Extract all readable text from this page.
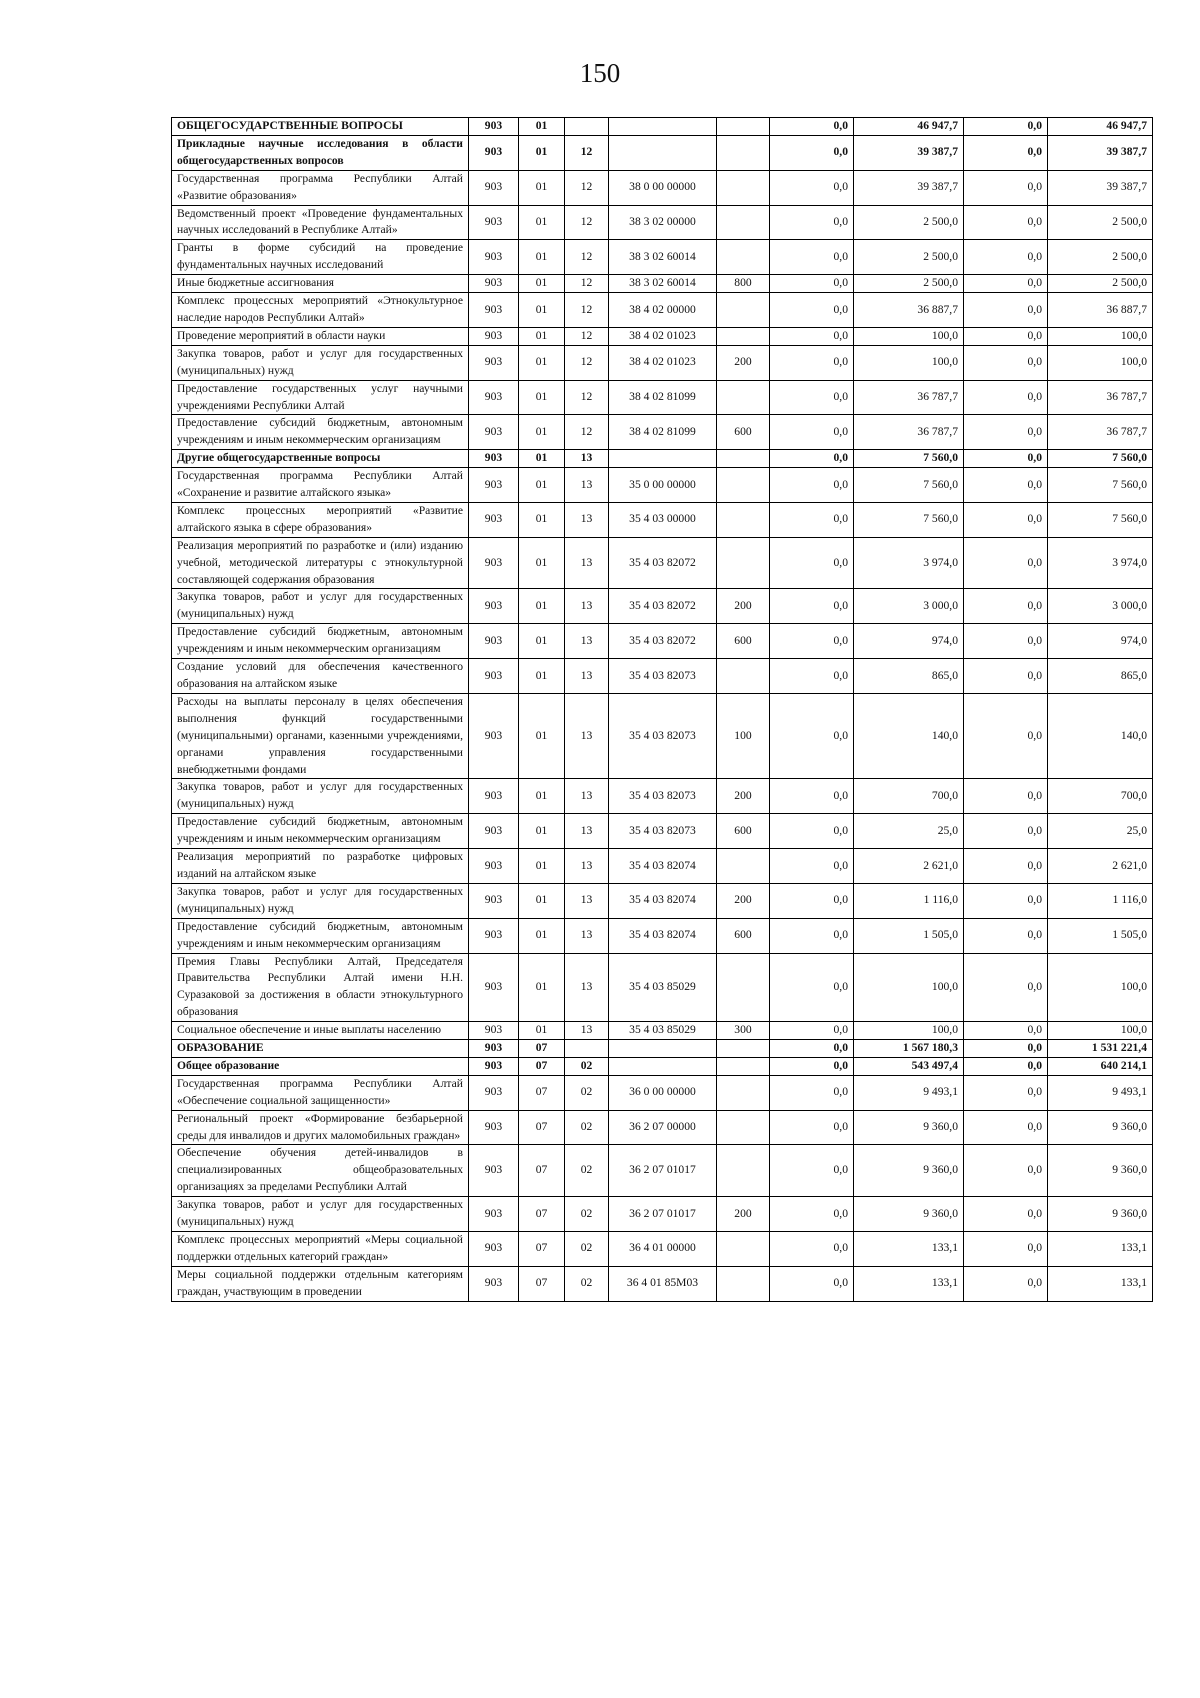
150
ОБЩЕГОСУДАРСТВЕННЫЕ ВОПРОСЫ	903	01				0,0	46 947,7	0,0	46 947,7
Прикладные научные исследования в области общегосударственных вопросов	903	01	12			0,0	39 387,7	0,0	39 387,7
Государственная программа Республики Алтай «Развитие образования»	903	01	12	38 0 00 00000		0,0	39 387,7	0,0	39 387,7
Ведомственный проект «Проведение фундаментальных научных исследований в Республике Алтай»	903	01	12	38 3 02 00000		0,0	2 500,0	0,0	2 500,0
Гранты в форме субсидий на проведение фундаментальных научных исследований	903	01	12	38 3 02 60014		0,0	2 500,0	0,0	2 500,0
Иные бюджетные ассигнования	903	01	12	38 3 02 60014	800	0,0	2 500,0	0,0	2 500,0
Комплекс процессных мероприятий «Этнокультурное наследие народов Республики Алтай»	903	01	12	38 4 02 00000		0,0	36 887,7	0,0	36 887,7
Проведение мероприятий в области науки	903	01	12	38 4 02 01023		0,0	100,0	0,0	100,0
Закупка товаров, работ и услуг для государственных (муниципальных) нужд	903	01	12	38 4 02 01023	200	0,0	100,0	0,0	100,0
Предоставление государственных услуг научными учреждениями Республики Алтай	903	01	12	38 4 02 81099		0,0	36 787,7	0,0	36 787,7
Предоставление субсидий бюджетным, автономным учреждениям и иным некоммерческим организациям	903	01	12	38 4 02 81099	600	0,0	36 787,7	0,0	36 787,7
Другие общегосударственные вопросы	903	01	13			0,0	7 560,0	0,0	7 560,0
Государственная программа Республики Алтай «Сохранение и развитие алтайского языка»	903	01	13	35 0 00 00000		0,0	7 560,0	0,0	7 560,0
Комплекс процессных мероприятий «Развитие алтайского языка в сфере образования»	903	01	13	35 4 03 00000		0,0	7 560,0	0,0	7 560,0
Реализация мероприятий по разработке и (или) изданию учебной, методической литературы с этнокультурной составляющей содержания образования	903	01	13	35 4 03 82072		0,0	3 974,0	0,0	3 974,0
Закупка товаров, работ и услуг для государственных (муниципальных) нужд	903	01	13	35 4 03 82072	200	0,0	3 000,0	0,0	3 000,0
Предоставление субсидий бюджетным, автономным учреждениям и иным некоммерческим организациям	903	01	13	35 4 03 82072	600	0,0	974,0	0,0	974,0
Создание условий для обеспечения качественного образования на алтайском языке	903	01	13	35 4 03 82073		0,0	865,0	0,0	865,0
Расходы на выплаты персоналу в целях обеспечения выполнения функций государственными (муниципальными) органами, казенными учреждениями, органами управления государственными внебюджетными фондами	903	01	13	35 4 03 82073	100	0,0	140,0	0,0	140,0
Закупка товаров, работ и услуг для государственных (муниципальных) нужд	903	01	13	35 4 03 82073	200	0,0	700,0	0,0	700,0
Предоставление субсидий бюджетным, автономным учреждениям и иным некоммерческим организациям	903	01	13	35 4 03 82073	600	0,0	25,0	0,0	25,0
Реализация мероприятий по разработке цифровых изданий на алтайском языке	903	01	13	35 4 03 82074		0,0	2 621,0	0,0	2 621,0
Закупка товаров, работ и услуг для государственных (муниципальных) нужд	903	01	13	35 4 03 82074	200	0,0	1 116,0	0,0	1 116,0
Предоставление субсидий бюджетным, автономным учреждениям и иным некоммерческим организациям	903	01	13	35 4 03 82074	600	0,0	1 505,0	0,0	1 505,0
Премия Главы Республики Алтай, Председателя Правительства Республики Алтай имени Н.Н. Суразаковой за достижения в области этнокультурного образования	903	01	13	35 4 03 85029		0,0	100,0	0,0	100,0
Социальное обеспечение и иные выплаты населению	903	01	13	35 4 03 85029	300	0,0	100,0	0,0	100,0
ОБРАЗОВАНИЕ	903	07				0,0	1 567 180,3	0,0	1 531 221,4
Общее образование	903	07	02			0,0	543 497,4	0,0	640 214,1
Государственная программа Республики Алтай «Обеспечение социальной защищенности»	903	07	02	36 0 00 00000		0,0	9 493,1	0,0	9 493,1
Региональный проект «Формирование безбарьерной среды для инвалидов и других маломобильных граждан»	903	07	02	36 2 07 00000		0,0	9 360,0	0,0	9 360,0
Обеспечение обучения детей-инвалидов в специализированных общеобразовательных организациях за пределами Республики Алтай	903	07	02	36 2 07 01017		0,0	9 360,0	0,0	9 360,0
Закупка товаров, работ и услуг для государственных (муниципальных) нужд	903	07	02	36 2 07 01017	200	0,0	9 360,0	0,0	9 360,0
Комплекс процессных мероприятий «Меры социальной поддержки отдельных категорий граждан»	903	07	02	36 4 01 00000		0,0	133,1	0,0	133,1
Меры социальной поддержки отдельным категориям граждан, участвующим в проведении	903	07	02	36 4 01 85M03		0,0	133,1	0,0	133,1
